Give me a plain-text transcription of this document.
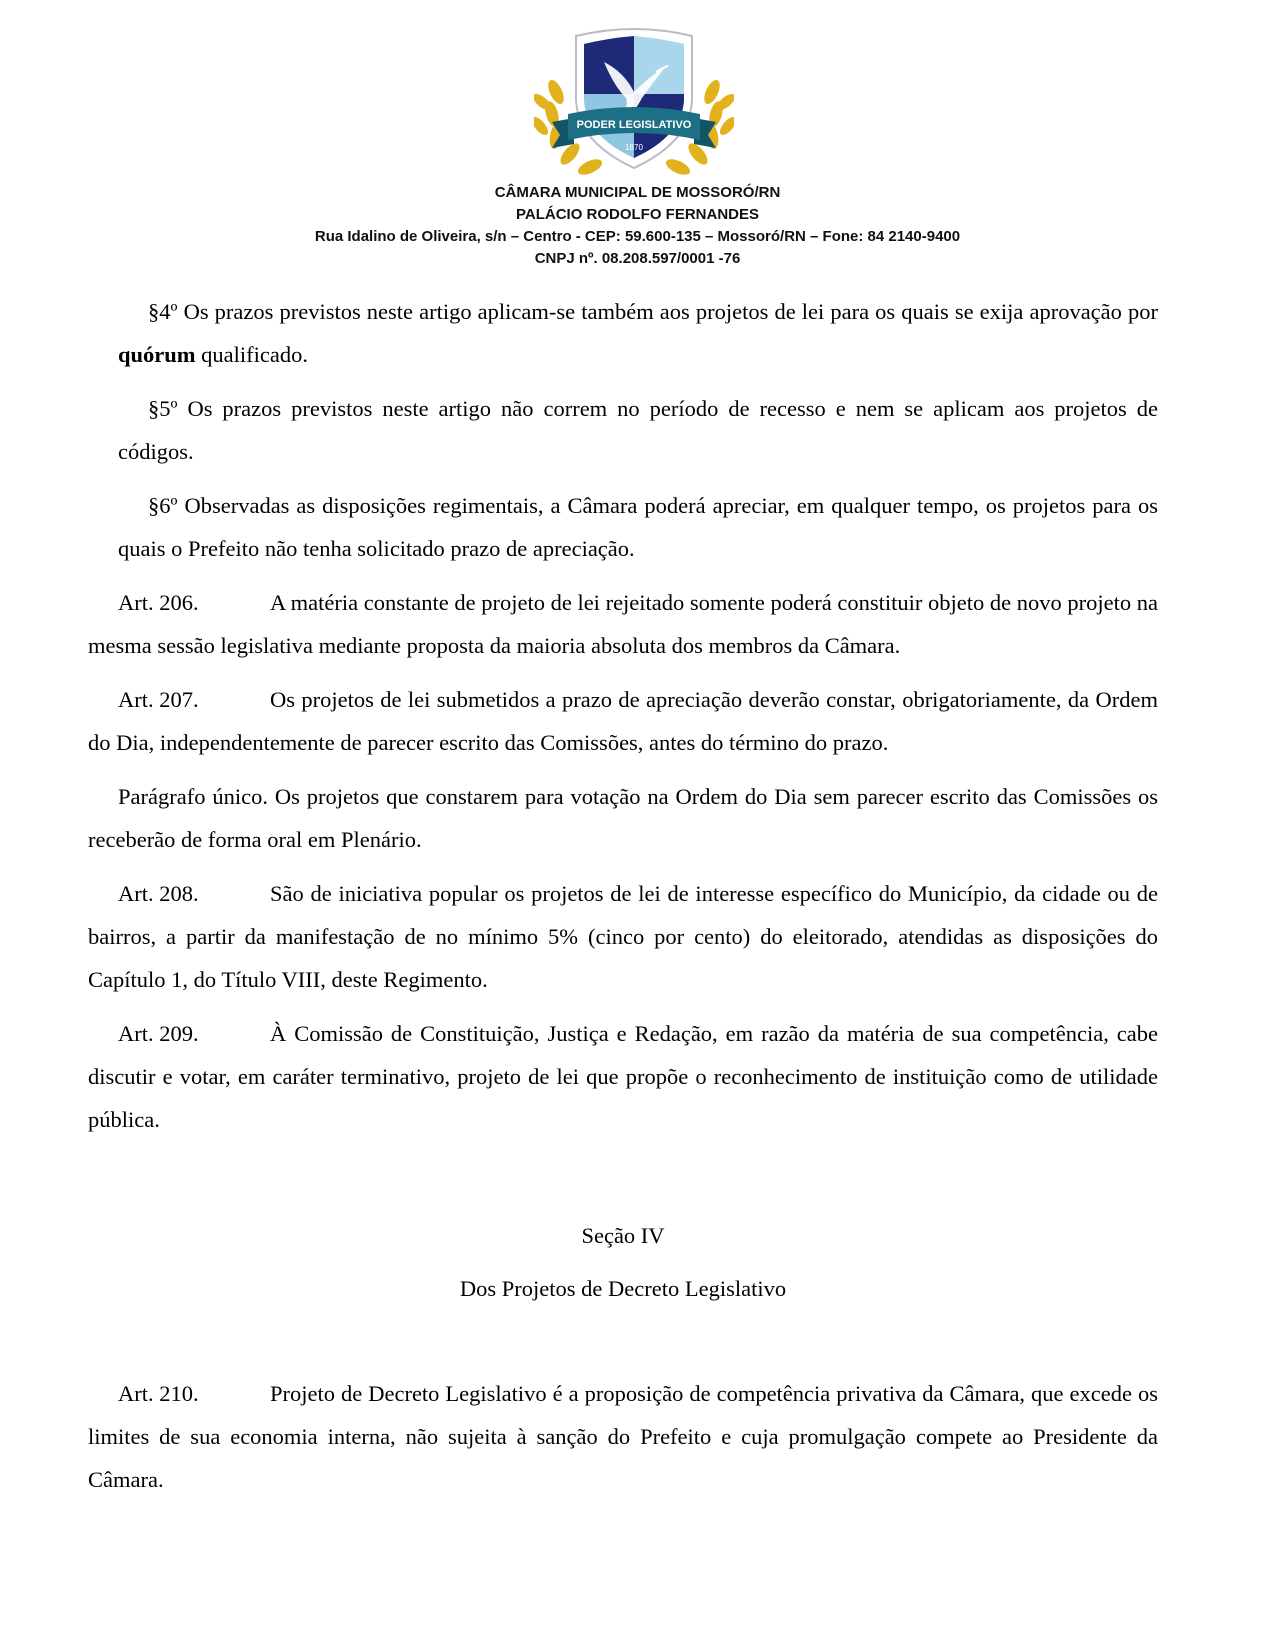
PODER LEGISLATIVO
1870
CÂMARA MUNICIPAL DE MOSSORÓ/RN
PALÁCIO RODOLFO FERNANDES
Rua Idalino de Oliveira, s/n – Centro - CEP: 59.600-135 – Mossoró/RN – Fone: 84 2140-9400
CNPJ nº. 08.208.597/0001 -76

§4º Os prazos previstos neste artigo aplicam-se também aos projetos de lei para os quais se exija aprovação por quórum qualificado.

§5º Os prazos previstos neste artigo não correm no período de recesso e nem se aplicam aos projetos de códigos.

§6º Observadas as disposições regimentais, a Câmara poderá apreciar, em qualquer tempo, os projetos para os quais o Prefeito não tenha solicitado prazo de apreciação.

Art. 206.	A matéria constante de projeto de lei rejeitado somente poderá constituir objeto de novo projeto na mesma sessão legislativa mediante proposta da maioria absoluta dos membros da Câmara.

Art. 207.	Os projetos de lei submetidos a prazo de apreciação deverão constar, obrigatoriamente, da Ordem do Dia, independentemente de parecer escrito das Comissões, antes do término do prazo.

Parágrafo único. Os projetos que constarem para votação na Ordem do Dia sem parecer escrito das Comissões os receberão de forma oral em Plenário.

Art. 208.	São de iniciativa popular os projetos de lei de interesse específico do Município, da cidade ou de bairros, a partir da manifestação de no mínimo 5% (cinco por cento) do eleitorado, atendidas as disposições do Capítulo 1, do Título VIII, deste Regimento.

Art. 209.	À Comissão de Constituição, Justiça e Redação, em razão da matéria de sua competência, cabe discutir e votar, em caráter terminativo, projeto de lei que propõe o reconhecimento de instituição como de utilidade pública.

Seção IV

Dos Projetos de Decreto Legislativo

Art. 210.	Projeto de Decreto Legislativo é a proposição de competência privativa da Câmara, que excede os limites de sua economia interna, não sujeita à sanção do Prefeito e cuja promulgação compete ao Presidente da Câmara.
